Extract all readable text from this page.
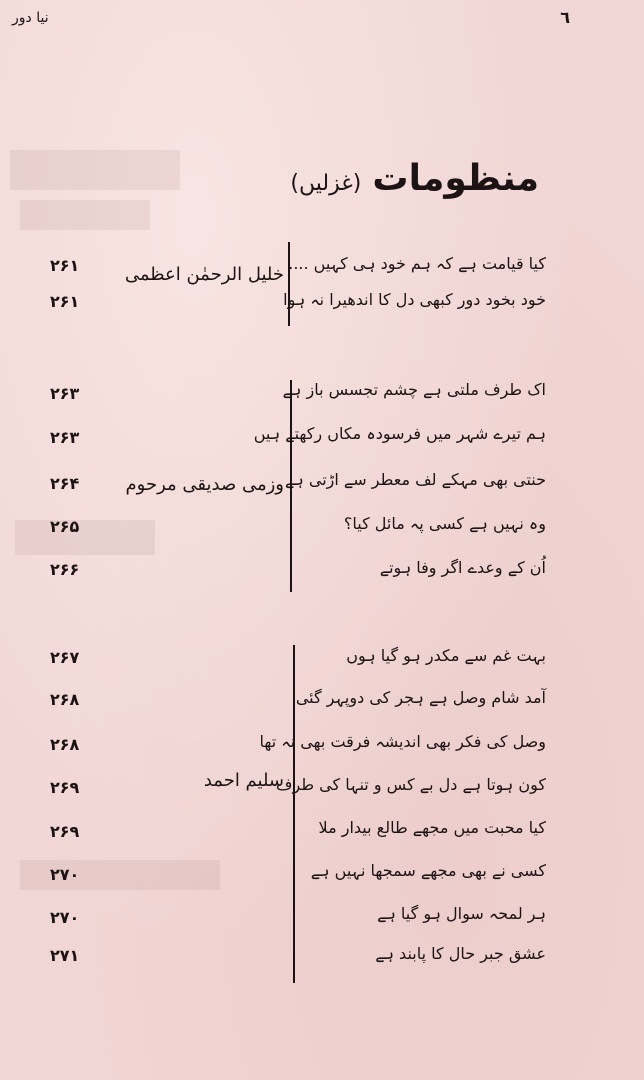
نیا دور	٦
منظومات (غزلیں)
خلیل الرحمٰن اعظمی
کیا قیامت ہے کہ ہم خود ہی کہیں ....
۲۶۱
خود بخود دور کبھی دل کا اندھیرا نہ ہوا
۲۶۱
وزمی صدیقی مرحوم
اک طرف ملتی ہے چشم تجسس باز ہے
۲۶۳
ہم تیرے شہر میں فرسودہ مکاں رکھتے ہیں
۲۶۳
حنتی بھی مہکے لف معطر سے اڑتی ہے
۲۶۴
وہ نہیں ہے کسی پہ مائل کیا؟
۲۶۵
اُن کے وعدے اگر وفا ہوتے
۲۶۶
سلیم احمد
بہت غم سے مکدر ہو گیا ہوں
۲۶۷
آمد شام وصل ہے ہجر کی دوپہر گئی
۲۶۸
وصل کی فکر بھی اندیشہ فرقت بھی نہ تھا
۲۶۸
کون ہوتا ہے دل بے کس و تنہا کی طرف
۲۶۹
کیا محبت میں مجھے طالع بیدار ملا
۲۶۹
کسی نے بھی مجھے سمجھا نہیں ہے
۲۷۰
ہر لمحہ سوال ہو گیا ہے
۲۷۰
عشق جبر حال کا پابند ہے
۲۷۱
